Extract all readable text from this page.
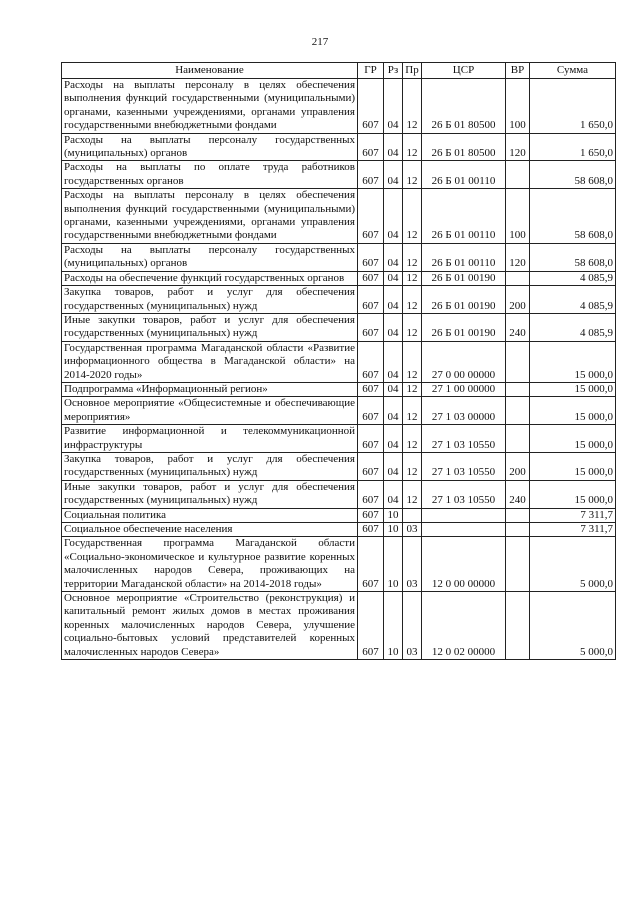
217
Наименование	ГР	Рз	Пр	ЦСР	ВР	Сумма
Расходы на выплаты персоналу в целях обеспечения выполнения функций государственными (муниципальными) органами, казенными учреждениями, органами управления государственными внебюджетными фондами	607	04	12	26 Б 01 80500	100	1 650,0
Расходы на выплаты персоналу государственных (муниципальных) органов	607	04	12	26 Б 01 80500	120	1 650,0
Расходы на выплаты по оплате труда работников государственных органов	607	04	12	26 Б 01 00110		58 608,0
Расходы на выплаты персоналу в целях обеспечения выполнения функций государственными (муниципальными) органами, казенными учреждениями, органами управления государственными внебюджетными фондами	607	04	12	26 Б 01 00110	100	58 608,0
Расходы на выплаты персоналу государственных (муниципальных) органов	607	04	12	26 Б 01 00110	120	58 608,0
Расходы на обеспечение функций государственных органов	607	04	12	26 Б 01 00190		4 085,9
Закупка товаров, работ и услуг для обеспечения государственных (муниципальных) нужд	607	04	12	26 Б 01 00190	200	4 085,9
Иные закупки товаров, работ и услуг для обеспечения государственных (муниципальных) нужд	607	04	12	26 Б 01 00190	240	4 085,9
Государственная программа Магаданской области «Развитие информационного общества в Магаданской области» на 2014-2020 годы»	607	04	12	27 0 00 00000		15 000,0
Подпрограмма «Информационный регион»	607	04	12	27 1 00 00000		15 000,0
Основное мероприятие «Общесистемные и обеспечивающие мероприятия»	607	04	12	27 1 03 00000		15 000,0
Развитие информационной и телекоммуникационной инфраструктуры	607	04	12	27 1 03 10550		15 000,0
Закупка товаров, работ и услуг для обеспечения государственных (муниципальных) нужд	607	04	12	27 1 03 10550	200	15 000,0
Иные закупки товаров, работ и услуг для обеспечения государственных (муниципальных) нужд	607	04	12	27 1 03 10550	240	15 000,0
Социальная политика	607	10				7 311,7
Социальное обеспечение населения	607	10	03			7 311,7
Государственная программа Магаданской области «Социально-экономическое и культурное развитие коренных малочисленных народов Севера, проживающих на территории Магаданской области» на 2014-2018 годы»	607	10	03	12 0 00 00000		5 000,0
Основное мероприятие «Строительство (реконструкция) и капитальный ремонт жилых домов в местах проживания коренных малочисленных народов Севера, улучшение социально-бытовых условий представителей коренных малочисленных народов Севера»	607	10	03	12 0 02 00000		5 000,0
